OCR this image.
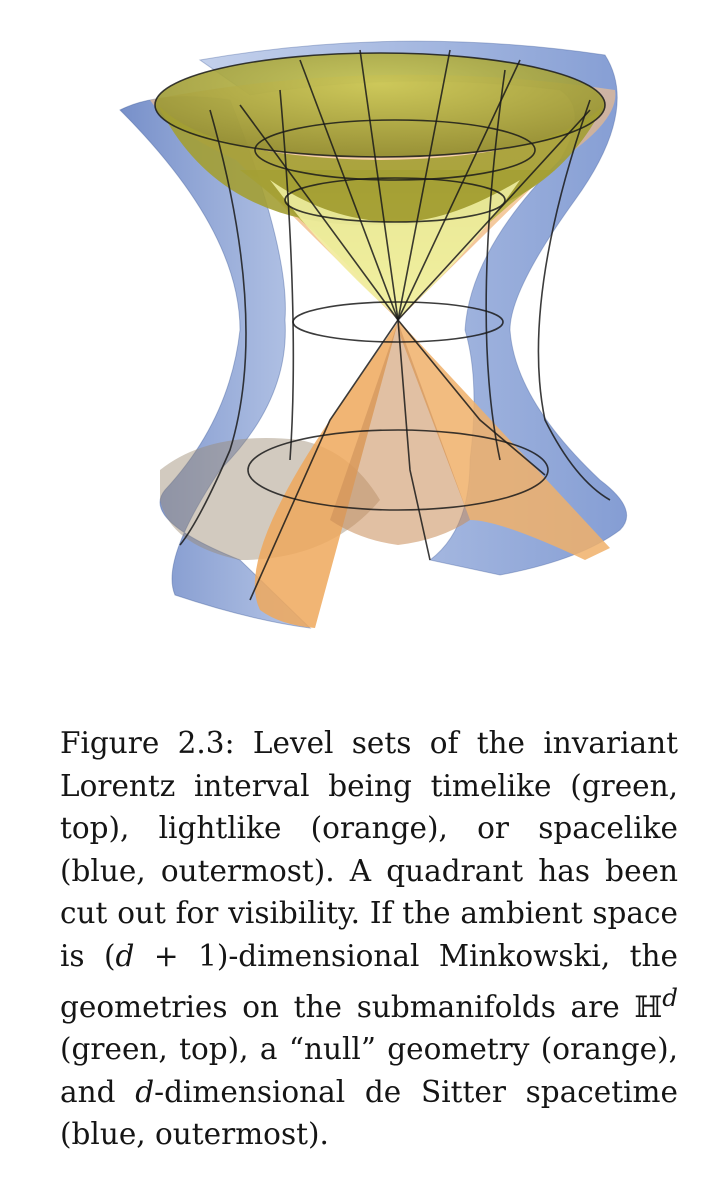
Figure 2.3: Level sets of the invariant Lorentz interval being timelike (green, top), lightlike (orange), or spacelike (blue, outermost). A quadrant has been cut out for visibility. If the ambient space is (d + 1)-dimensional Minkowski, the geometries on the submanifolds are ℍ$^d$ (green, top), a “null” geometry (orange), and d-dimensional de Sitter spacetime (blue, outermost).
